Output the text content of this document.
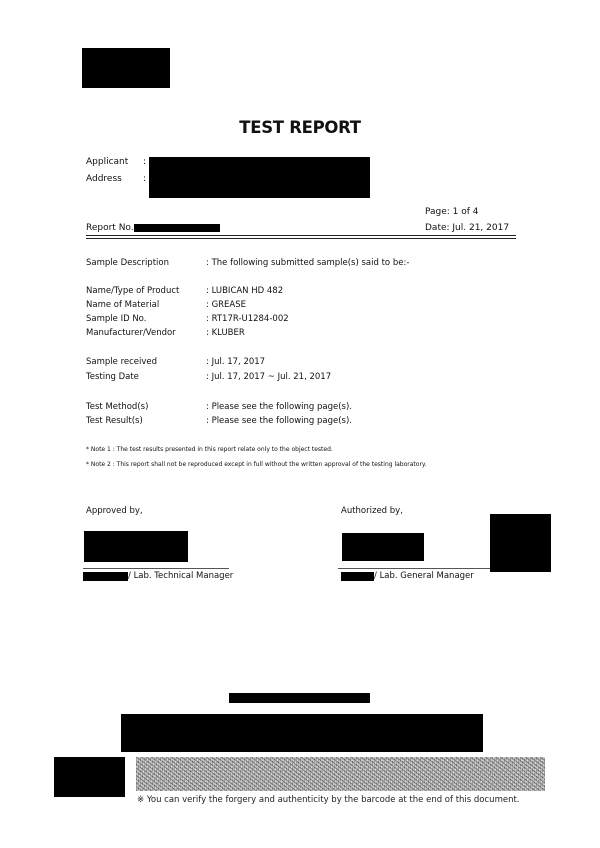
TEST REPORT
Applicant :
Address :
Page: 1 of 4
Report No.	Date: Jul. 21, 2017
Sample Description	: The following submitted sample(s) said to be:-
Name/Type of Product	: LUBICAN HD 482
Name of Material	: GREASE
Sample ID No.	: RT17R-U1284-002
Manufacturer/Vendor	: KLUBER
Sample received	: Jul. 17, 2017
Testing Date	: Jul. 17, 2017 ~ Jul. 21, 2017
Test Method(s)	: Please see the following page(s).
Test Result(s)	: Please see the following page(s).
* Note 1 : The test results presented in this report relate only to the object tested.
* Note 2 : This report shall not be reproduced except in full without the written approval of the testing laboratory.
Approved by,	Authorized by,
/ Lab. Technical Manager	/ Lab. General Manager
※ You can verify the forgery and authenticity by the barcode at the end of this document.
